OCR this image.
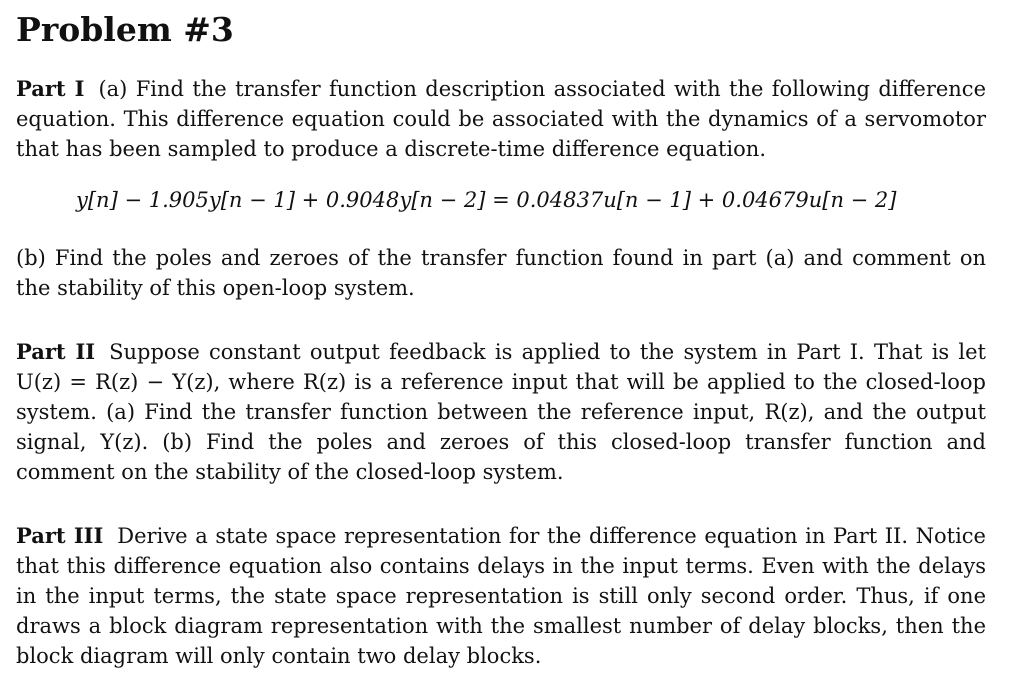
Problem #3

Part I (a) Find the transfer function description associated with the following difference equation. This difference equation could be associated with the dynamics of a servomotor that has been sampled to produce a discrete-time difference equation.

y[n] − 1.905y[n − 1] + 0.9048y[n − 2] = 0.04837u[n − 1] + 0.04679u[n − 2]

(b) Find the poles and zeroes of the transfer function found in part (a) and comment on the stability of this open-loop system.

Part II Suppose constant output feedback is applied to the system in Part I. That is let U(z) = R(z) − Y(z), where R(z) is a reference input that will be applied to the closed-loop system. (a) Find the transfer function between the reference input, R(z), and the output signal, Y(z). (b) Find the poles and zeroes of this closed-loop transfer function and comment on the stability of the closed-loop system.

Part III Derive a state space representation for the difference equation in Part II. Notice that this difference equation also contains delays in the input terms. Even with the delays in the input terms, the state space representation is still only second order. Thus, if one draws a block diagram representation with the smallest number of delay blocks, then the block diagram will only contain two delay blocks.
